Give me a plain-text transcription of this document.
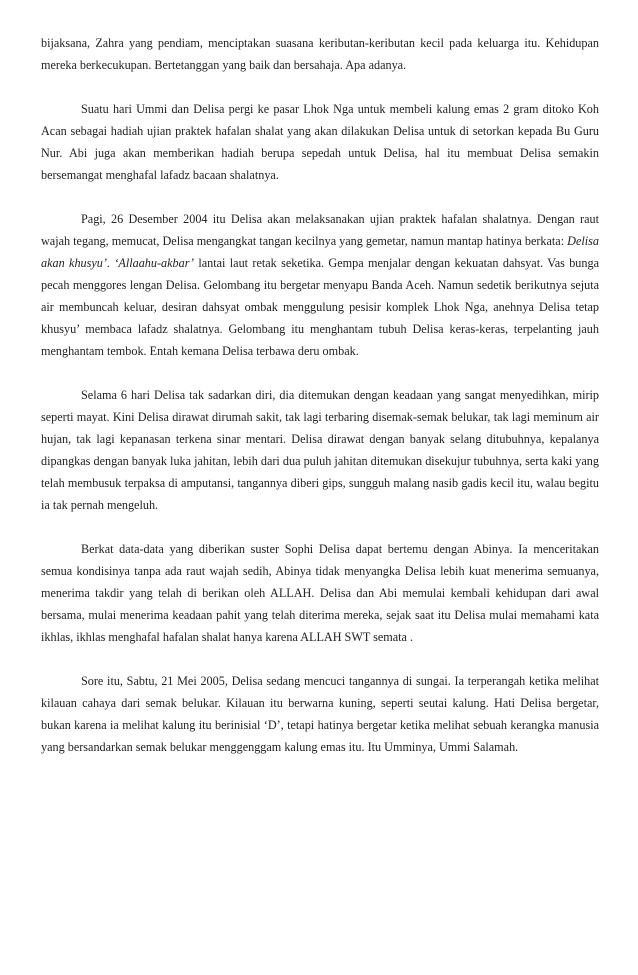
bijaksana, Zahra yang pendiam, menciptakan suasana keributan-keributan kecil pada keluarga itu. Kehidupan mereka berkecukupan. Bertetanggan yang baik dan bersahaja. Apa adanya.

Suatu hari Ummi dan Delisa pergi ke pasar Lhok Nga untuk membeli kalung emas 2 gram ditoko Koh Acan sebagai hadiah ujian praktek hafalan shalat yang akan dilakukan Delisa untuk di setorkan kepada Bu Guru Nur. Abi juga akan memberikan hadiah berupa sepedah untuk Delisa, hal itu membuat Delisa semakin bersemangat menghafal lafadz bacaan shalatnya.

Pagi, 26 Desember 2004 itu Delisa akan melaksanakan ujian praktek hafalan shalatnya. Dengan raut wajah tegang, memucat, Delisa mengangkat tangan kecilnya yang gemetar, namun mantap hatinya berkata: Delisa akan khusyu’. ‘Allaahu-akbar’ lantai laut retak seketika. Gempa menjalar dengan kekuatan dahsyat. Vas bunga pecah menggores lengan Delisa. Gelombang itu bergetar menyapu Banda Aceh. Namun sedetik berikutnya sejuta air membuncah keluar, desiran dahsyat ombak menggulung pesisir komplek Lhok Nga, anehnya Delisa tetap khusyu’ membaca lafadz shalatnya. Gelombang itu menghantam tubuh Delisa keras-keras, terpelanting jauh menghantam tembok. Entah kemana Delisa terbawa deru ombak.

Selama 6 hari Delisa tak sadarkan diri, dia ditemukan dengan keadaan yang sangat menyedihkan, mirip seperti mayat. Kini Delisa dirawat dirumah sakit, tak lagi terbaring disemak-semak belukar, tak lagi meminum air hujan, tak lagi kepanasan terkena sinar mentari. Delisa dirawat dengan banyak selang ditubuhnya, kepalanya dipangkas dengan banyak luka jahitan, lebih dari dua puluh jahitan ditemukan disekujur tubuhnya, serta kaki yang telah membusuk terpaksa di amputansi, tangannya diberi gips, sungguh malang nasib gadis kecil itu, walau begitu ia tak pernah mengeluh.

Berkat data-data yang diberikan suster Sophi Delisa dapat bertemu dengan Abinya. Ia menceritakan semua kondisinya tanpa ada raut wajah sedih, Abinya tidak menyangka Delisa lebih kuat menerima semuanya, menerima takdir yang telah di berikan oleh ALLAH. Delisa dan Abi memulai kembali kehidupan dari awal bersama, mulai menerima keadaan pahit yang telah diterima mereka, sejak saat itu Delisa mulai memahami kata ikhlas, ikhlas menghafal hafalan shalat hanya karena ALLAH SWT semata .

Sore itu, Sabtu, 21 Mei 2005, Delisa sedang mencuci tangannya di sungai. Ia terperangah ketika melihat kilauan cahaya dari semak belukar. Kilauan itu berwarna kuning, seperti seutai kalung. Hati Delisa bergetar, bukan karena ia melihat kalung itu berinisial ‘D’, tetapi hatinya bergetar ketika melihat sebuah kerangka manusia yang bersandarkan semak belukar menggenggam kalung emas itu. Itu Umminya, Ummi Salamah.
